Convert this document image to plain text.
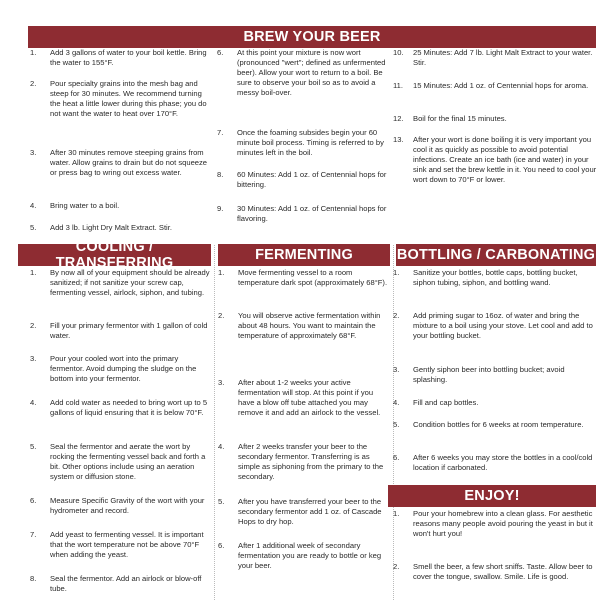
BREW YOUR BEER
1.	Add 3 gallons of water to your boil kettle. Bring the water to 155°F.
2.	Pour specialty grains into the mesh bag and steep for 30 minutes. We recommend turning the heat a little lower during this phase; you do not want the water to heat over 170°F.
3.	After 30 minutes remove steeping grains from water. Allow grains to drain but do not squeeze or press bag to wring out excess water.
4.	Bring water to a boil.
5.	Add 3 lb. Light Dry Malt Extract. Stir.
6.	At this point your mixture is now wort (pronounced "wert"; defined as unfermented beer). Allow your wort to return to a boil. Be sure to observe your boil so as to avoid a messy boil-over.
7.	Once the foaming subsides begin your 60 minute boil process. Timing is referred to by minutes left in the boil.
8.	60 Minutes: Add 1 oz. of Centennial hops for bittering.
9.	30 Minutes: Add 1 oz. of Centennial hops for flavoring.
10.	25 Minutes: Add 7 lb. Light Malt Extract to your water. Stir.
11.	15 Minutes: Add 1 oz. of Centennial hops for aroma.
12.	Boil for the final 15 minutes.
13.	After your wort is done boiling it is very important you cool it as quickly as possible to avoid potential infections. Create an ice bath (ice and water) in your sink and set the brew kettle in it. You need to cool your wort down to 70°F or lower.
COOLING / TRANSFERRING
1.	By now all of your equipment should be already sanitized; if not sanitize your screw cap, fermenting vessel, airlock, siphon, and tubing.
2.	Fill your primary fermentor with 1 gallon of cold water.
3.	Pour your cooled wort into the primary fermentor. Avoid dumping the sludge on the bottom into your fermentor.
4.	Add cold water as needed to bring wort up to 5 gallons of liquid ensuring that it is below 70°F.
5.	Seal the fermentor and aerate the wort by rocking the fermenting vessel back and forth a bit. Other options include using an aeration system or diffusion stone.
6.	Measure Specific Gravity of the wort with your hydrometer and record.
7.	Add yeast to fermenting vessel. It is important that the wort temperature not be above 70°F when adding the yeast.
8.	Seal the fermentor. Add an airlock or blow-off tube.
FERMENTING
1.	Move fermenting vessel to a room temperature dark spot (approximately 68°F).
2.	You will observe active fermentation within about 48 hours. You want to maintain the temperature of approximately 68°F.
3.	After about 1-2 weeks your active fermentation will stop. At this point if you have a blow off tube attached you may remove it and add an airlock to the vessel.
4.	After 2 weeks transfer your beer to the secondary fermentor. Transferring is as simple as siphoning from the primary to the secondary.
5.	After you have transferred your beer to the secondary fermentor add 1 oz. of Cascade Hops to dry hop.
6.	After 1 additional week of secondary fermentation you are ready to bottle or keg your beer.
BOTTLING / CARBONATING
1.	Sanitize your bottles, bottle caps, bottling bucket, siphon tubing, siphon, and bottling wand.
2.	Add priming sugar to 16oz. of water and bring the mixture to a boil using your stove. Let cool and add to your bottling bucket.
3.	Gently siphon beer into bottling bucket; avoid splashing.
4.	Fill and cap bottles.
5.	Condition bottles for 6 weeks at room temperature.
6.	After 6 weeks you may store the bottles in a cool/cold location if carbonated.
ENJOY!
1.	Pour your homebrew into a clean glass. For aesthetic reasons many people avoid pouring the yeast in but it won't hurt you!
2.	Smell the beer, a few short sniffs. Taste. Allow beer to cover the tongue, swallow. Smile. Life is good.
